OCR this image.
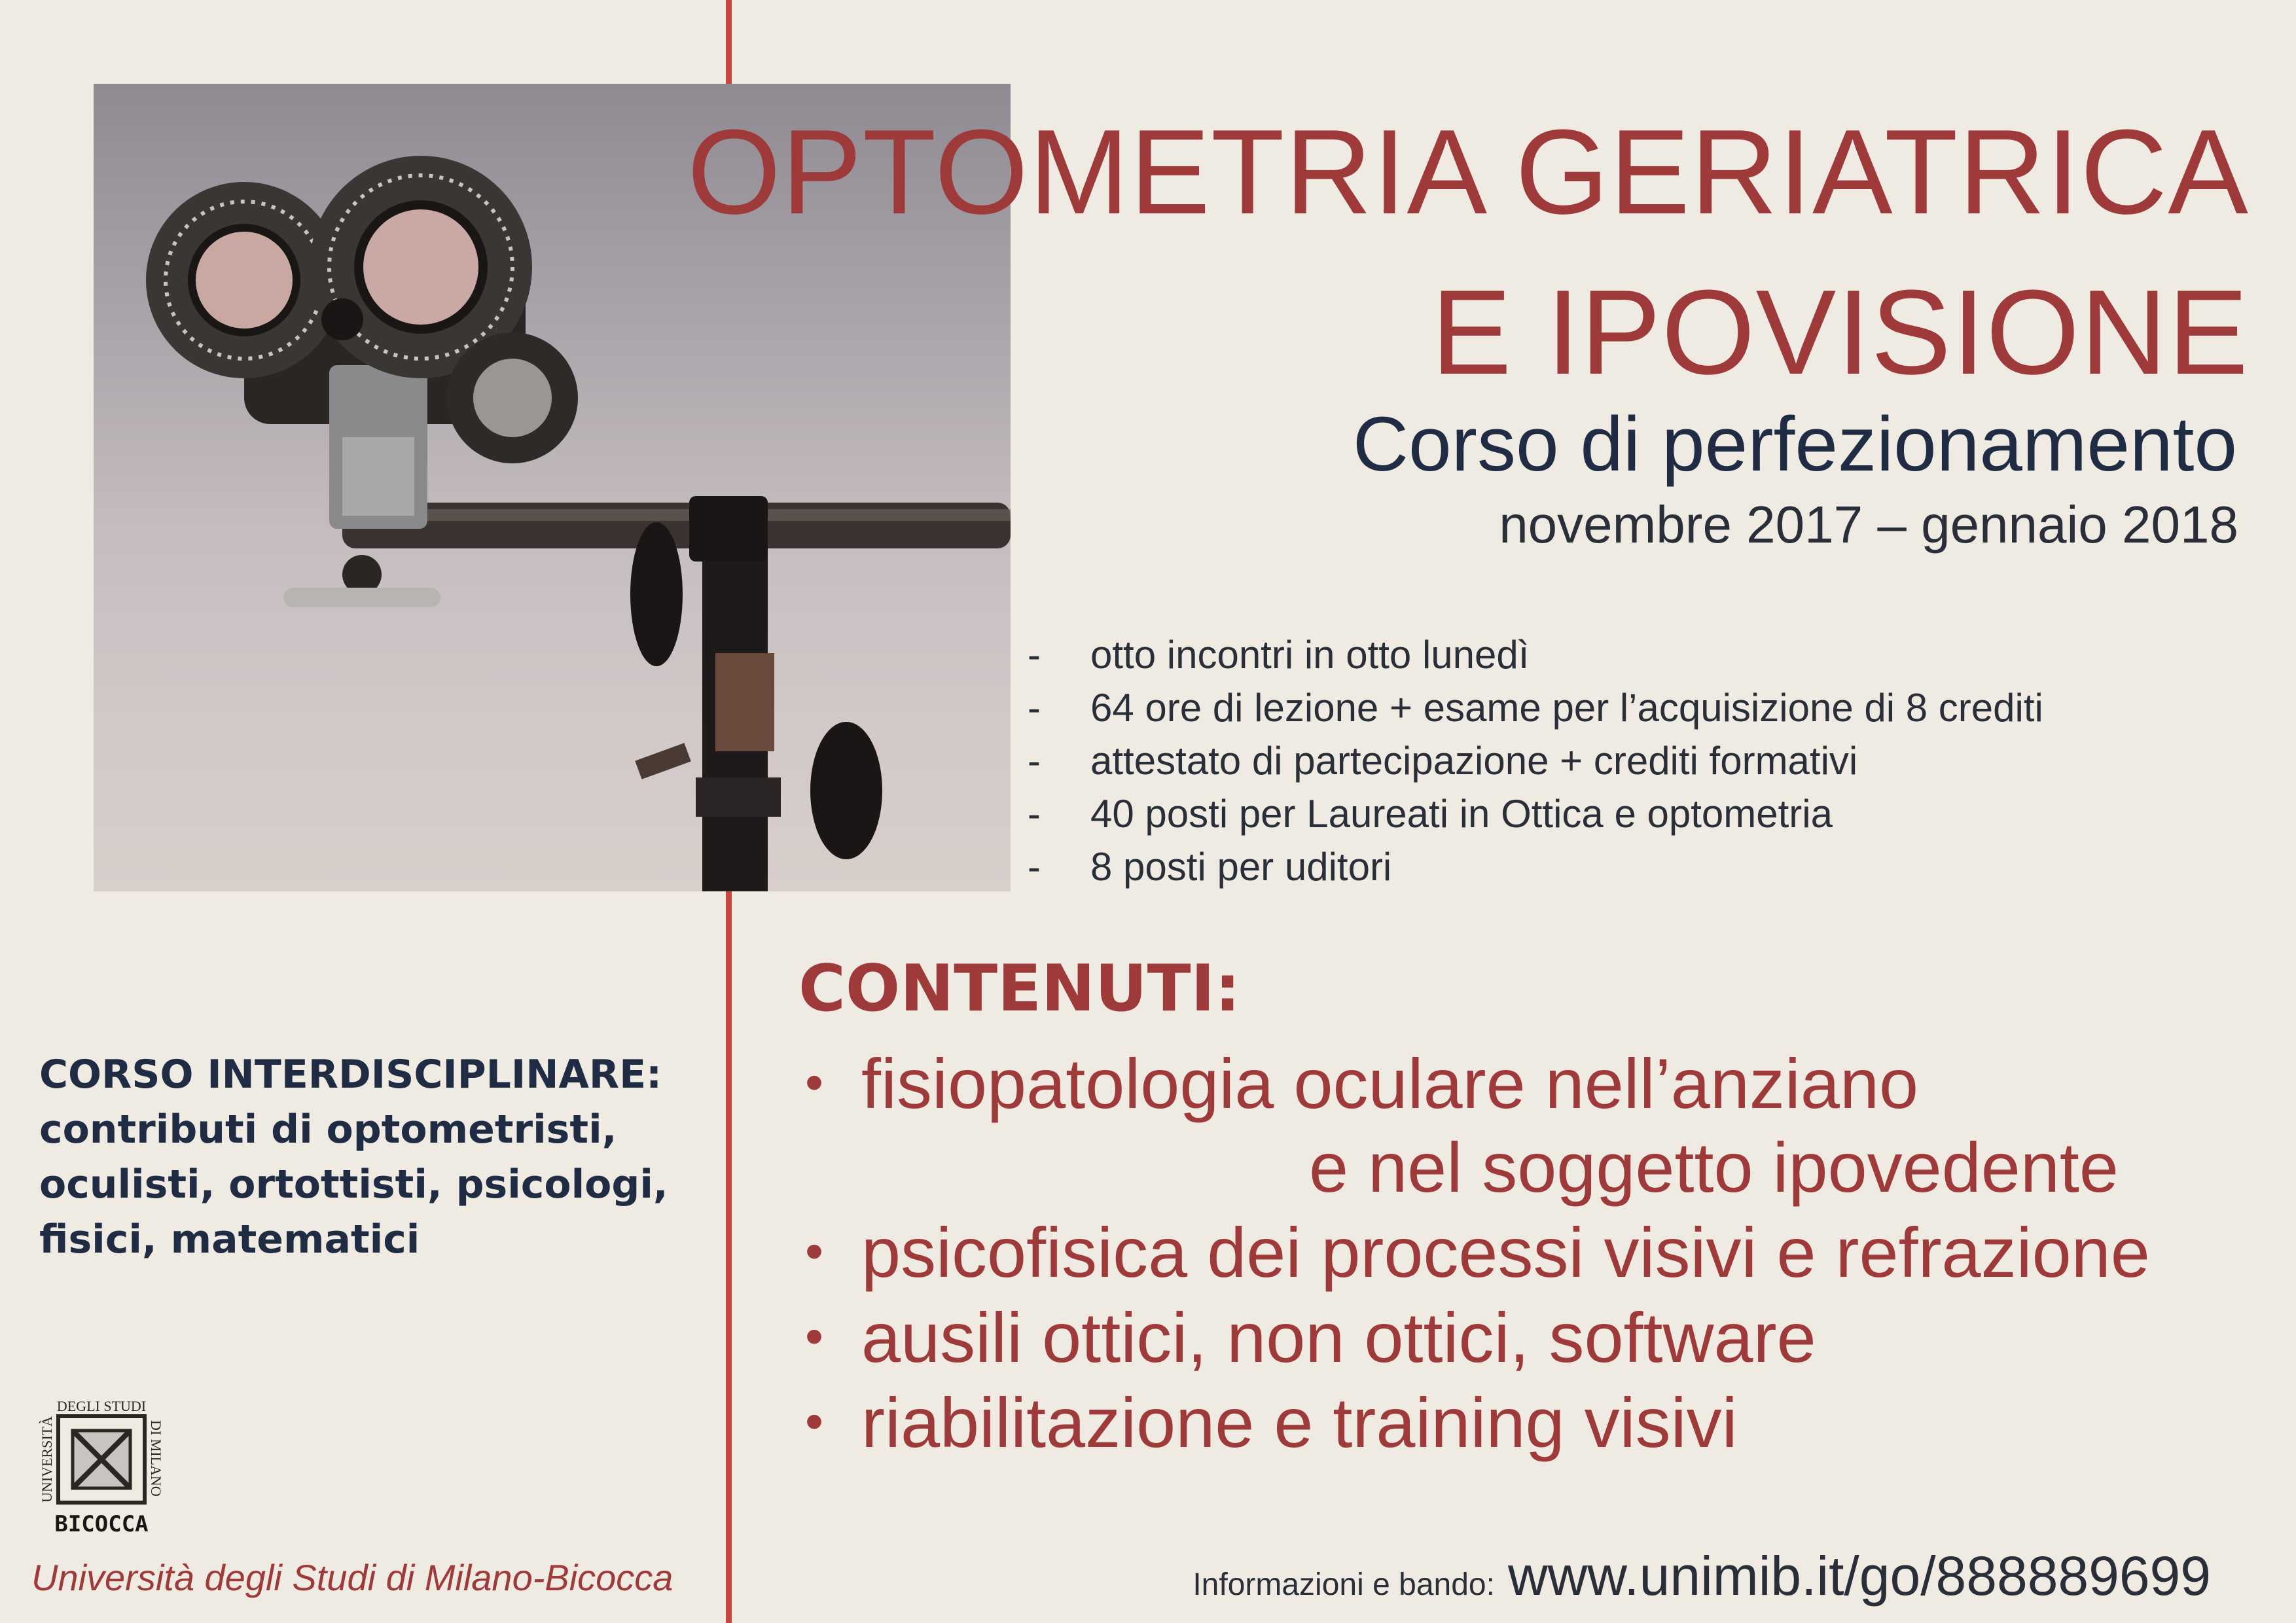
OPTOMETRIA GERIATRICA
E IPOVISIONE
Corso di perfezionamento
novembre 2017 – gennaio 2018
-	otto incontri in otto lunedì
-	64 ore di lezione + esame per l’acquisizione di 8 crediti
-	attestato di partecipazione + crediti formativi
-	40 posti per Laureati in Ottica e optometria
-	8 posti per uditori
CONTENUTI:
• fisiopatologia oculare nell’anziano
e nel soggetto ipovedente
• psicofisica dei processi visivi e refrazione
• ausili ottici, non ottici, software
• riabilitazione e training visivi
CORSO INTERDISCIPLINARE:
contributi di optometristi,
oculisti, ortottisti, psicologi,
fisici, matematici
DEGLI STUDI
UNIVERSITÀ	DI MILANO
BICOCCA
Università degli Studi di Milano-Bicocca	Informazioni e bando: www.unimib.it/go/888889699
